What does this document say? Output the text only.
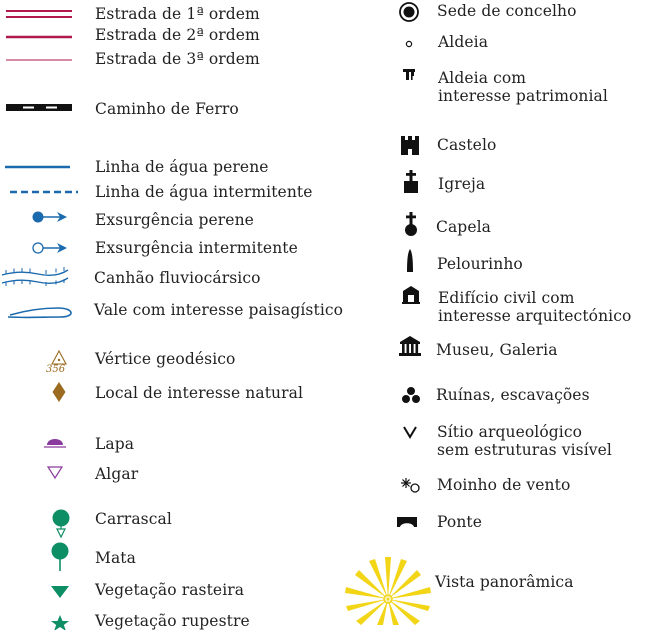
Estrada de 1ª ordem
Estrada de 2ª ordem
Estrada de 3ª ordem
Caminho de Ferro
Linha de água perene
Linha de água intermitente
Exsurgência perene
Exsurgência intermitente
Canhão fluviocársico
Vale com interesse paisagístico
356
Vértice geodésico
Local de interesse natural
Lapa
Algar
Carrascal
Mata
Vegetação rasteira
Vegetação rupestre
Sede de concelho
Aldeia
Aldeia com
interesse patrimonial
Castelo
Igreja
Capela
Pelourinho
Edifício civil com
interesse arquitectónico
Museu, Galeria
Ruínas, escavações
Sítio arqueológico
sem estruturas visível
Moinho de vento
Ponte
Vista panorâmica
